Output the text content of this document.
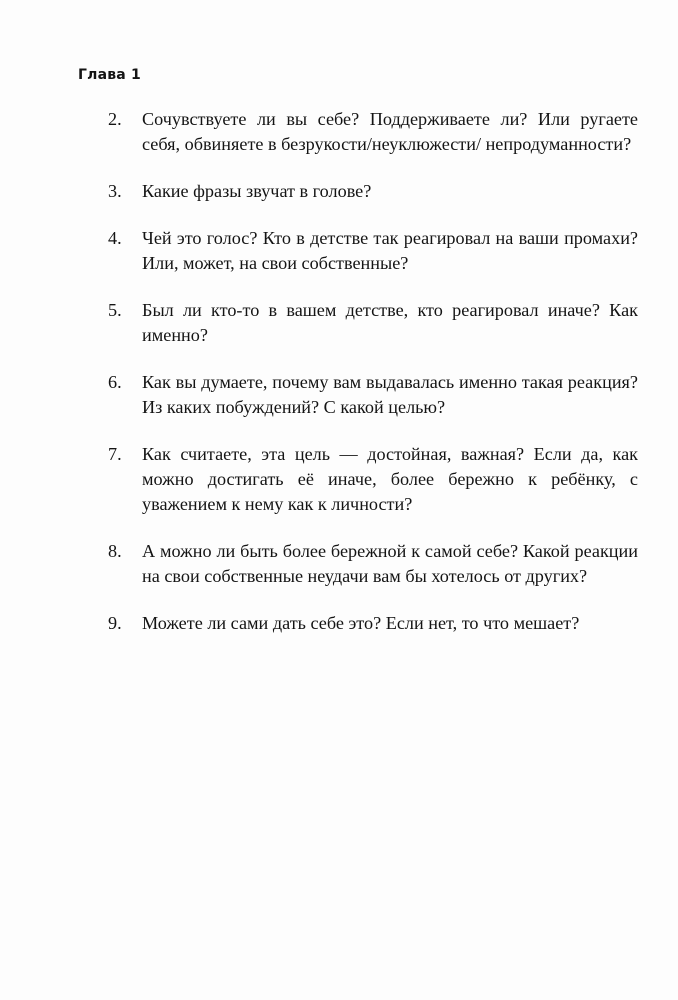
Глава 1
2.	Сочувствуете ли вы себе? Поддерживаете ли? Или ругаете себя, обвиняете в безрукости/неуклюжести/ непродуманности?
3.	Какие фразы звучат в голове?
4.	Чей это голос? Кто в детстве так реагировал на ваши промахи? Или, может, на свои собственные?
5.	Был ли кто-то в вашем детстве, кто реагировал иначе? Как именно?
6.	Как вы думаете, почему вам выдавалась именно такая реакция? Из каких побуждений? С какой целью?
7.	Как считаете, эта цель — достойная, важная? Если да, как можно достигать её иначе, более бережно к ребёнку, с уважением к нему как к личности?
8.	А можно ли быть более бережной к самой себе? Какой реакции на свои собственные неудачи вам бы хотелось от других?
9.	Можете ли сами дать себе это? Если нет, то что мешает?
